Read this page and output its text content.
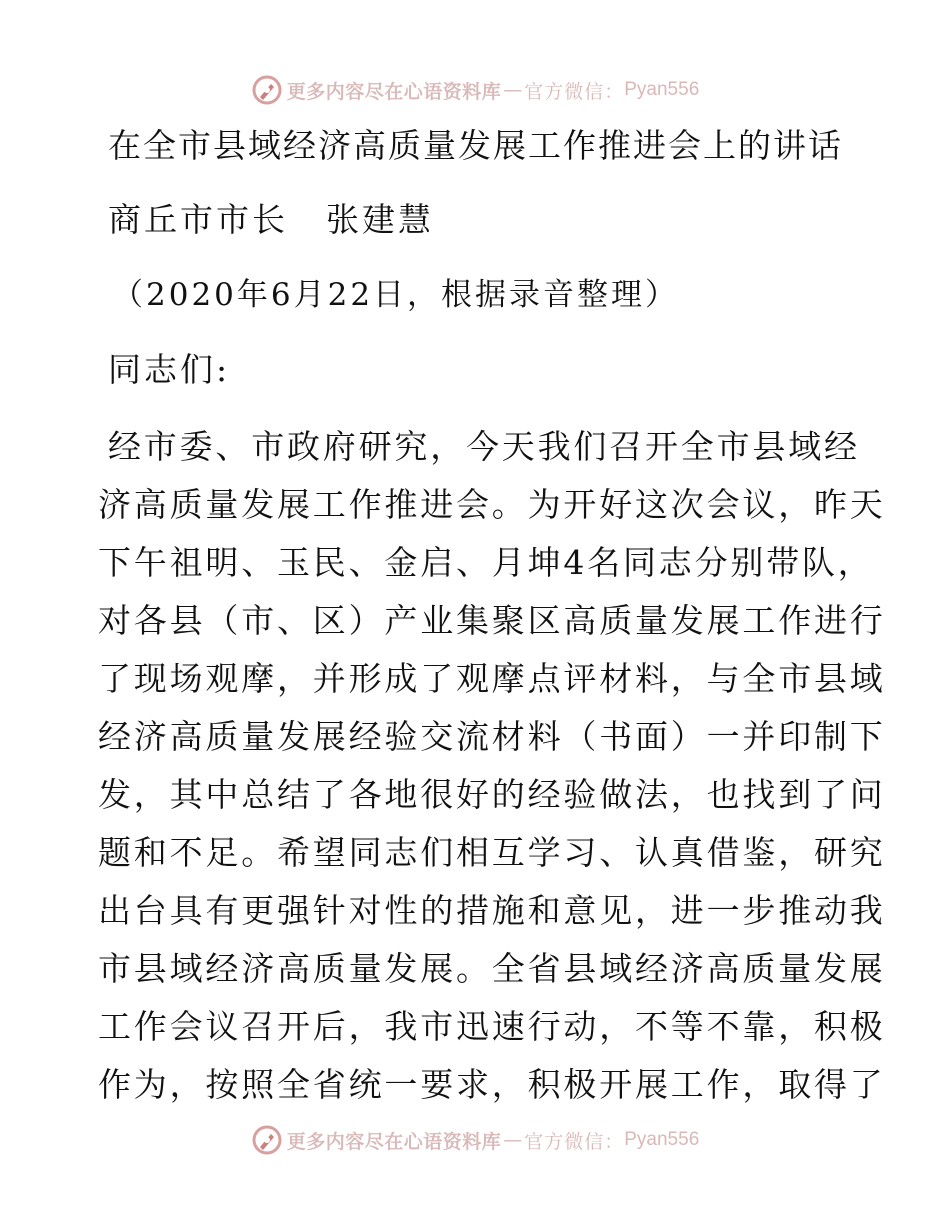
更多内容尽在心语资料库 — 官方微信： Pyan556
在全市县域经济高质量发展工作推进会上的讲话
商丘市市长 张建慧
（2020年6月22日，根据录音整理）
同志们:
经市委、市政府研究，今天我们召开全市县域经
济高质量发展工作推进会。为开好这次会议，昨天
下午祖明、玉民、金启、月坤4名同志分别带队，
对各县（市、区）产业集聚区高质量发展工作进行
了现场观摩，并形成了观摩点评材料，与全市县域
经济高质量发展经验交流材料（书面）一并印制下
发，其中总结了各地很好的经验做法，也找到了问
题和不足。希望同志们相互学习、认真借鉴，研究
出台具有更强针对性的措施和意见，进一步推动我
市县域经济高质量发展。全省县域经济高质量发展
工作会议召开后，我市迅速行动，不等不靠，积极
作为，按照全省统一要求，积极开展工作，取得了
更多内容尽在心语资料库 — 官方微信： Pyan556
